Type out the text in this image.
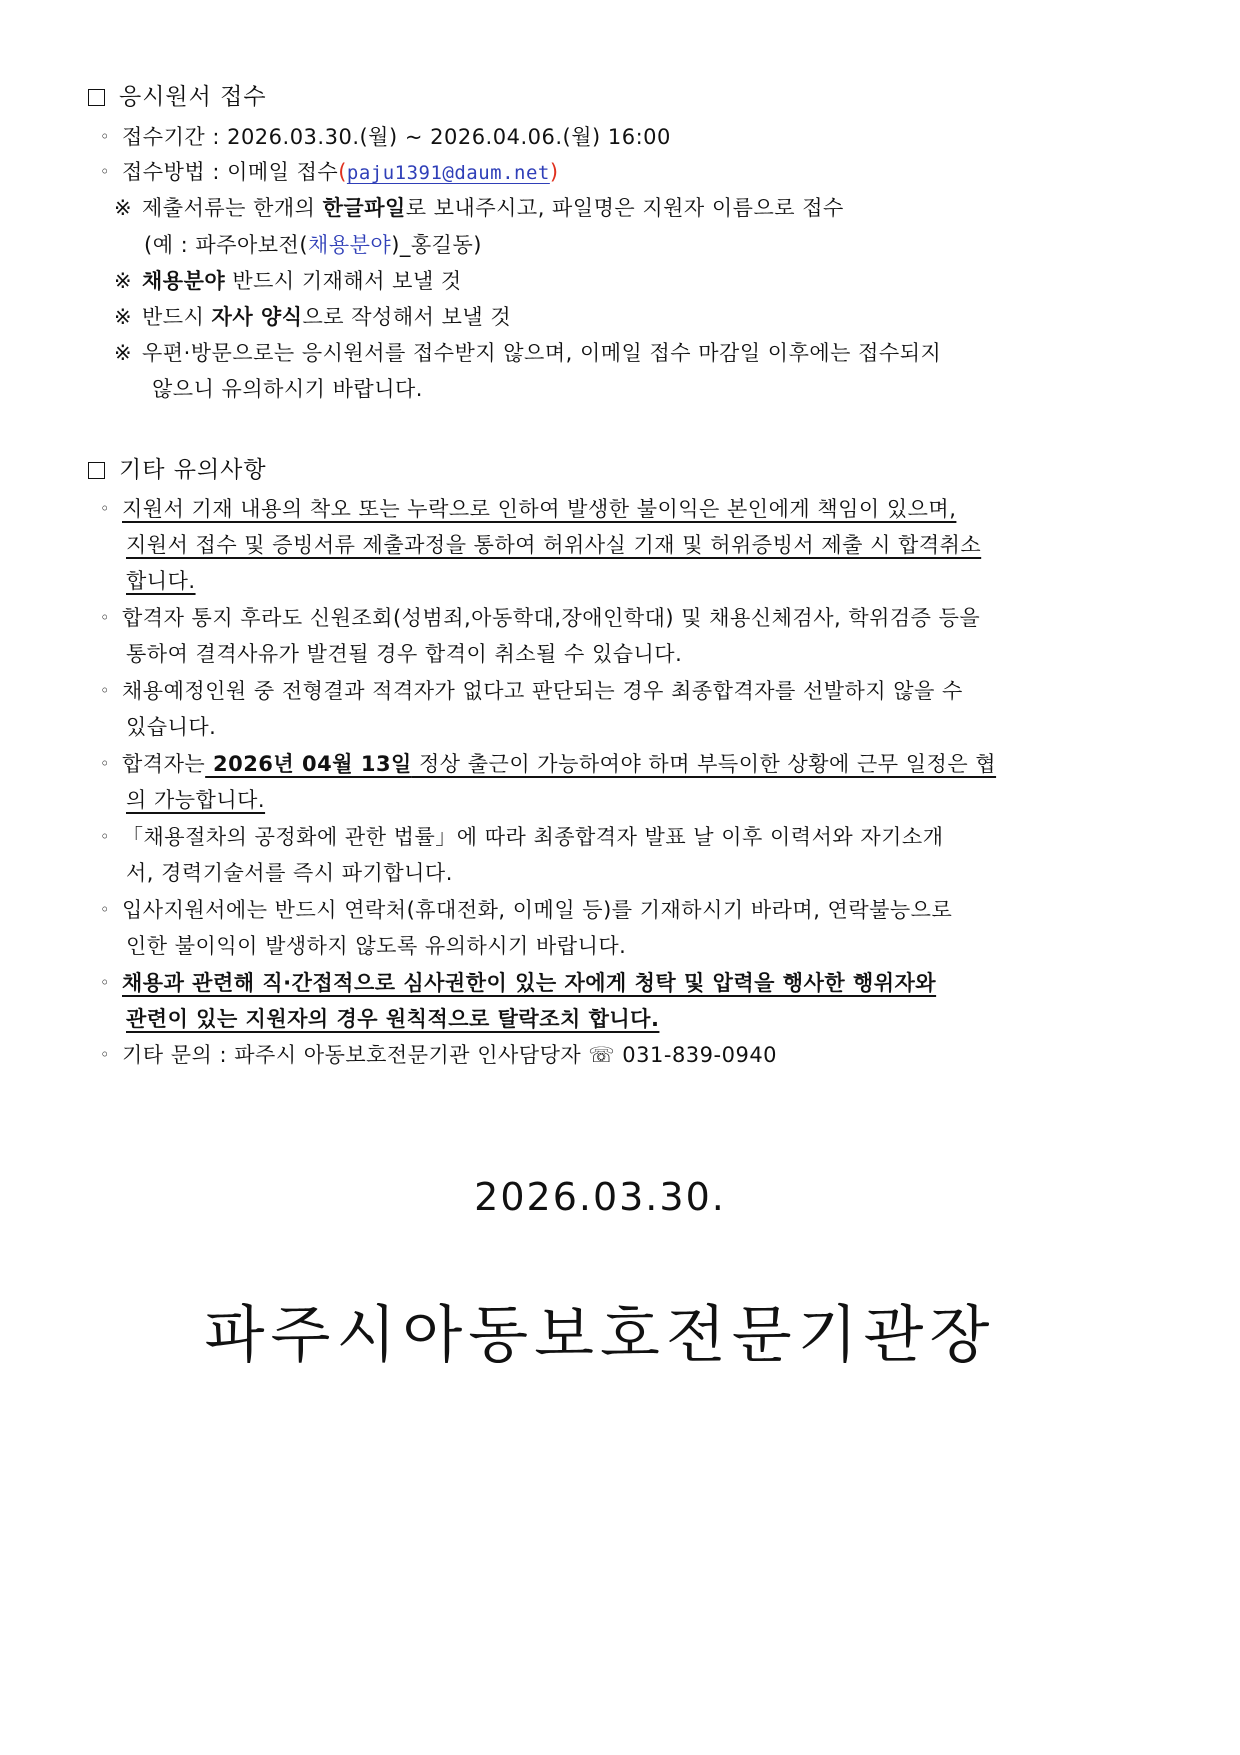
응시원서 접수
◦ 접수기간 : 2026.03.30.(월) ~ 2026.04.06.(월) 16:00
◦ 접수방법 : 이메일 접수(paju1391@daum.net)
※ 제출서류는 한개의 한글파일로 보내주시고, 파일명은 지원자 이름으로 접수
(예 : 파주아보전(채용분야)_홍길동)
※ 채용분야 반드시 기재해서 보낼 것
※ 반드시 자사 양식으로 작성해서 보낼 것
※ 우편·방문으로는 응시원서를 접수받지 않으며, 이메일 접수 마감일 이후에는 접수되지
않으니 유의하시기 바랍니다.
기타 유의사항
◦ 지원서 기재 내용의 착오 또는 누락으로 인하여 발생한 불이익은 본인에게 책임이 있으며,
지원서 접수 및 증빙서류 제출과정을 통하여 허위사실 기재 및 허위증빙서 제출 시 합격취소
합니다.
◦ 합격자 통지 후라도 신원조회(성범죄,아동학대,장애인학대) 및 채용신체검사, 학위검증 등을
통하여 결격사유가 발견될 경우 합격이 취소될 수 있습니다.
◦ 채용예정인원 중 전형결과 적격자가 없다고 판단되는 경우 최종합격자를 선발하지 않을 수
있습니다.
◦ 합격자는 2026년 04월 13일 정상 출근이 가능하여야 하며 부득이한 상황에 근무 일정은 협
의 가능합니다.
◦ 「채용절차의 공정화에 관한 법률」에 따라 최종합격자 발표 날 이후 이력서와 자기소개
서, 경력기술서를 즉시 파기합니다.
◦ 입사지원서에는 반드시 연락처(휴대전화, 이메일 등)를 기재하시기 바라며, 연락불능으로
인한 불이익이 발생하지 않도록 유의하시기 바랍니다.
◦ 채용과 관련해 직·간접적으로 심사권한이 있는 자에게 청탁 및 압력을 행사한 행위자와
관련이 있는 지원자의 경우 원칙적으로 탈락조치 합니다.
◦ 기타 문의 : 파주시 아동보호전문기관 인사담당자 ☏ 031-839-0940
2026.03.30.
파주시아동보호전문기관장
